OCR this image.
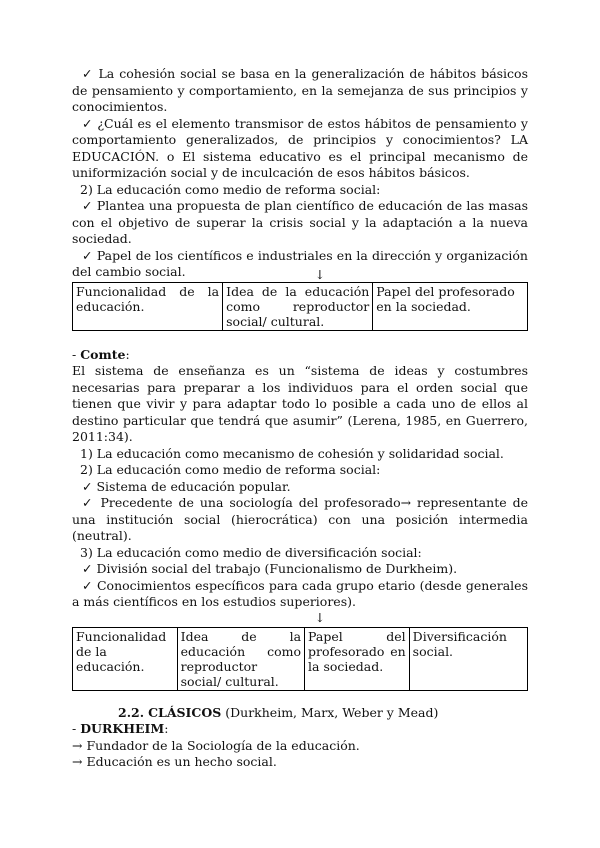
✓ La cohesión social se basa en la generalización de hábitos básicos de pensamiento y comportamiento, en la semejanza de sus principios y conocimientos.

✓ ¿Cuál es el elemento transmisor de estos hábitos de pensamiento y comportamiento generalizados, de principios y conocimientos? LA EDUCACIÓN. o El sistema educativo es el principal mecanismo de uniformización social y de inculcación de esos hábitos básicos.

2) La educación como medio de reforma social:

✓ Plantea una propuesta de plan científico de educación de las masas con el objetivo de superar la crisis social y la adaptación a la nueva sociedad.

✓ Papel de los científicos e industriales en la dirección y organización del cambio social.	↓

Funcionalidad de la educación.	Idea de la educación como reproductor social/ cultural.	Papel del profesorado en la sociedad.

- Comte:

El sistema de enseñanza es un “sistema de ideas y costumbres necesarias para preparar a los individuos para el orden social que tienen que vivir y para adaptar todo lo posible a cada uno de ellos al destino particular que tendrá que asumir” (Lerena, 1985, en Guerrero, 2011:34).

1) La educación como mecanismo de cohesión y solidaridad social.

2) La educación como medio de reforma social:

✓ Sistema de educación popular.

✓ Precedente de una sociología del profesorado→ representante de una institución social (hierocrática) con una posición intermedia (neutral).

3) La educación como medio de diversificación social:

✓ División social del trabajo (Funcionalismo de Durkheim).

✓ Conocimientos específicos para cada grupo etario (desde generales a más científicos en los estudios superiores).

↓

Funcionalidad de la educación.	Idea de la educación como reproductor social/ cultural.	Papel del profesorado en la sociedad.	Diversificación social.

2.2. CLÁSICOS (Durkheim, Marx, Weber y Mead)

- DURKHEIM:

→ Fundador de la Sociología de la educación.

→ Educación es un hecho social.
